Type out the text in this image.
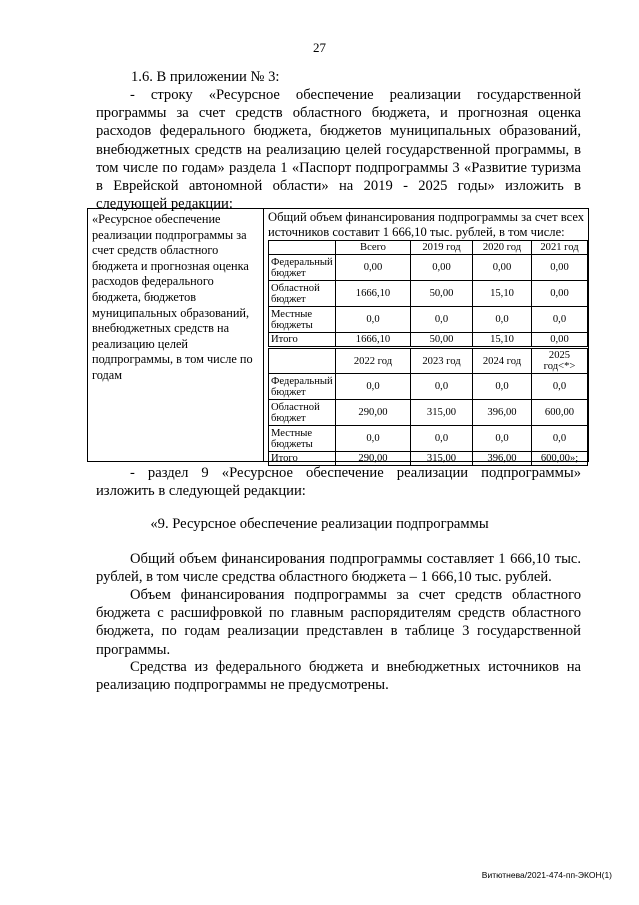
27
1.6. В приложении № 3:
- строку «Ресурсное обеспечение реализации государственной
программы за счет средств областного бюджета, и прогнозная оценка
расходов федерального бюджета, бюджетов муниципальных образований,
внебюджетных средств на реализацию целей государственной программы, в
том числе по годам» раздела 1 «Паспорт подпрограммы 3 «Развитие туризма
в Еврейской автономной области» на 2019 - 2025 годы» изложить в
следующей редакции:
«Ресурсное обеспечение реализации подпрограммы за счет средств областного бюджета и прогнозная оценка расходов федерального бюджета, бюджетов муниципальных образований, внебюджетных средств на реализацию целей подпрограммы, в том числе по годам
Общий объем финансирования подпрограммы за счет всех
источников составит 1 666,10 тыс. рублей, в том числе:
	Всего	2019 год	2020 год	2021 год
Федеральный бюджет	0,00	0,00	0,00	0,00
Областной бюджет	1666,10	50,00	15,10	0,00
Местные бюджеты	0,0	0,0	0,0	0,0
Итого	1666,10	50,00	15,10	0,00
	2022 год	2023 год	2024 год	2025 год<*>
Федеральный бюджет	0,0	0,0	0,0	0,0
Областной бюджет	290,00	315,00	396,00	600,00
Местные бюджеты	0,0	0,0	0,0	0,0
Итого	290,00	315,00	396,00	600,00»;
- раздел 9 «Ресурсное обеспечение реализации подпрограммы»
изложить в следующей редакции:
«9. Ресурсное обеспечение реализации подпрограммы
Общий объем финансирования подпрограммы составляет 1 666,10 тыс.
рублей, в том числе средства областного бюджета – 1 666,10 тыс. рублей.
Объем финансирования подпрограммы за счет средств областного
бюджета с расшифровкой по главным распорядителям средств областного
бюджета, по годам реализации представлен в таблице 3 государственной
программы.
Средства из федерального бюджета и внебюджетных источников на
реализацию подпрограммы не предусмотрены.
Витютнева/2021-474-пп-ЭКОН(1)
